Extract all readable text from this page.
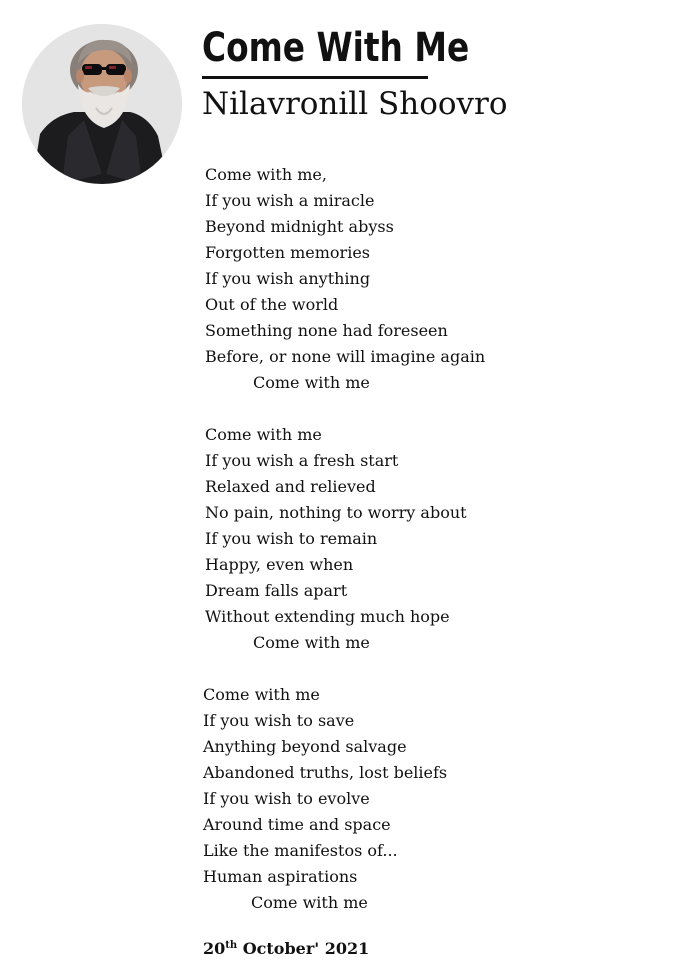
Come With Me
Nilavronill Shoovro
Come with me,
If you wish a miracle
Beyond midnight abyss
Forgotten memories
If you wish anything
Out of the world
Something none had foreseen
Before, or none will imagine again
Come with me
Come with me
If you wish a fresh start
Relaxed and relieved
No pain, nothing to worry about
If you wish to remain
Happy, even when
Dream falls apart
Without extending much hope
Come with me
Come with me
If you wish to save
Anything beyond salvage
Abandoned truths, lost beliefs
If you wish to evolve
Around time and space
Like the manifestos of...
Human aspirations
Come with me
20th October' 2021
